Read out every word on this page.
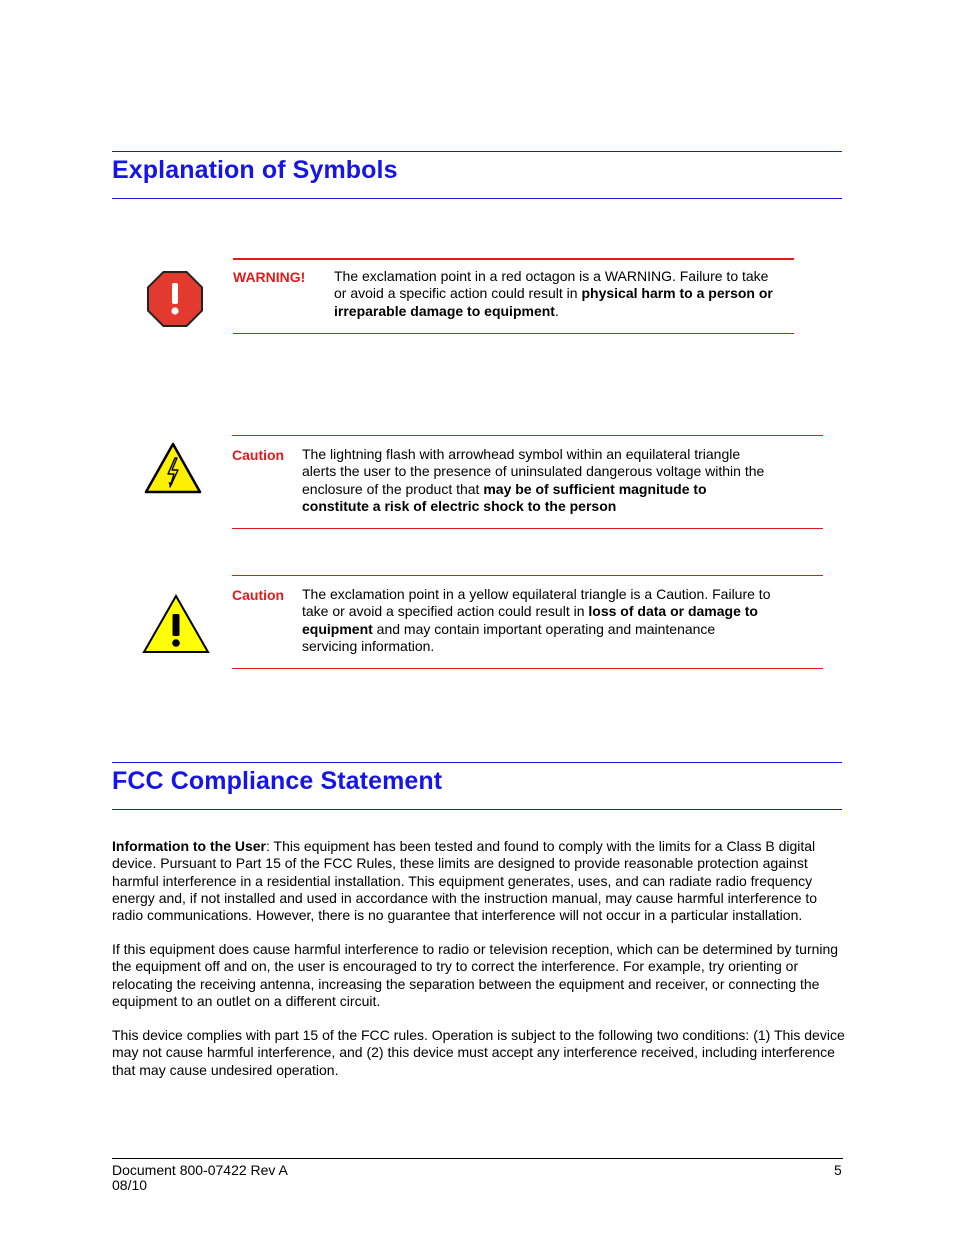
Explanation of Symbols
WARNING! The exclamation point in a red octagon is a WARNING. Failure to take or avoid a specific action could result in physical harm to a person or irreparable damage to equipment.
Caution The lightning flash with arrowhead symbol within an equilateral triangle alerts the user to the presence of uninsulated dangerous voltage within the enclosure of the product that may be of sufficient magnitude to constitute a risk of electric shock to the person
Caution The exclamation point in a yellow equilateral triangle is a Caution. Failure to take or avoid a specified action could result in loss of data or damage to equipment and may contain important operating and maintenance servicing information.
FCC Compliance Statement
Information to the User: This equipment has been tested and found to comply with the limits for a Class B digital device. Pursuant to Part 15 of the FCC Rules, these limits are designed to provide reasonable protection against harmful interference in a residential installation. This equipment generates, uses, and can radiate radio frequency energy and, if not installed and used in accordance with the instruction manual, may cause harmful interference to radio communications. However, there is no guarantee that interference will not occur in a particular installation.
If this equipment does cause harmful interference to radio or television reception, which can be determined by turning the equipment off and on, the user is encouraged to try to correct the interference. For example, try orienting or relocating the receiving antenna, increasing the separation between the equipment and receiver, or connecting the equipment to an outlet on a different circuit.
This device complies with part 15 of the FCC rules. Operation is subject to the following two conditions: (1) This device may not cause harmful interference, and (2) this device must accept any interference received, including interference that may cause undesired operation.
Document 800-07422 Rev A
08/10
5
